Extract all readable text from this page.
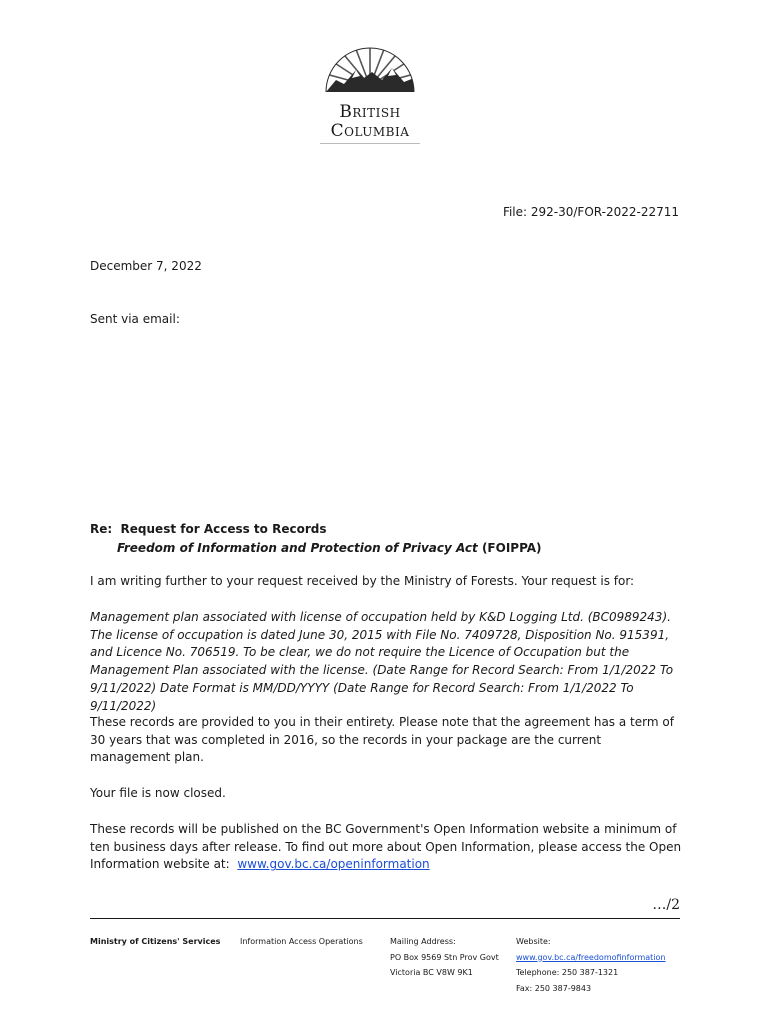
British
Columbia
File: 292-30/FOR-2022-22711
December 7, 2022
Sent via email:
Re: Request for Access to Records
Freedom of Information and Protection of Privacy Act (FOIPPA)
I am writing further to your request received by the Ministry of Forests. Your request is for:
Management plan associated with license of occupation held by K&D Logging Ltd. (BC0989243). The license of occupation is dated June 30, 2015 with File No. 7409728, Disposition No. 915391, and Licence No. 706519. To be clear, we do not require the Licence of Occupation but the Management Plan associated with the license. (Date Range for Record Search: From 1/1/2022 To 9/11/2022) Date Format is MM/DD/YYYY (Date Range for Record Search: From 1/1/2022 To 9/11/2022)
These records are provided to you in their entirety. Please note that the agreement has a term of 30 years that was completed in 2016, so the records in your package are the current management plan.
Your file is now closed.
These records will be published on the BC Government's Open Information website a minimum of ten business days after release. To find out more about Open Information, please access the Open Information website at: www.gov.bc.ca/openinformation
…/2
Ministry of Citizens' Services Information Access Operations	Mailing Address:
PO Box 9569 Stn Prov Govt
Victoria BC V8W 9K1
Website:
www.gov.bc.ca/freedomofinformation
Telephone: 250 387-1321
Fax: 250 387-9843
